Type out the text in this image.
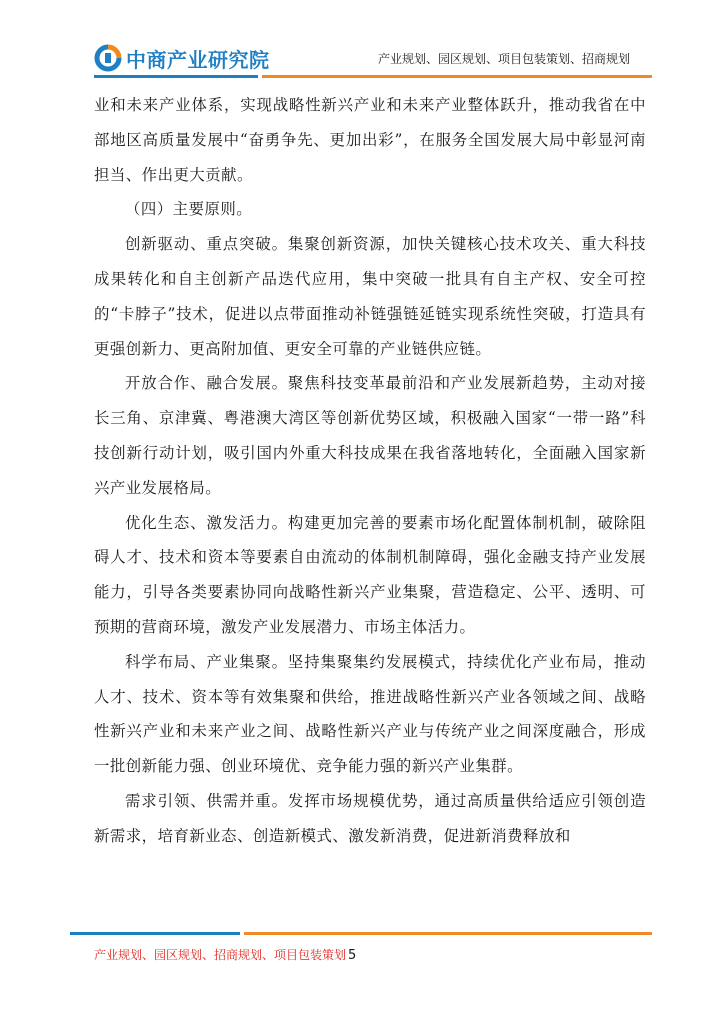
中商产业研究院	产业规划、园区规划、项目包装策划、招商规划

业和未来产业体系，实现战略性新兴产业和未来产业整体跃升，推动我省在中部地区高质量发展中“奋勇争先、更加出彩”，在服务全国发展大局中彰显河南担当、作出更大贡献。

（四）主要原则。

创新驱动、重点突破。集聚创新资源，加快关键核心技术攻关、重大科技成果转化和自主创新产品迭代应用，集中突破一批具有自主产权、安全可控的“卡脖子”技术，促进以点带面推动补链强链延链实现系统性突破，打造具有更强创新力、更高附加值、更安全可靠的产业链供应链。

开放合作、融合发展。聚焦科技变革最前沿和产业发展新趋势，主动对接长三角、京津冀、粤港澳大湾区等创新优势区域，积极融入国家“一带一路”科技创新行动计划，吸引国内外重大科技成果在我省落地转化，全面融入国家新兴产业发展格局。

优化生态、激发活力。构建更加完善的要素市场化配置体制机制，破除阻碍人才、技术和资本等要素自由流动的体制机制障碍，强化金融支持产业发展能力，引导各类要素协同向战略性新兴产业集聚，营造稳定、公平、透明、可预期的营商环境，激发产业发展潜力、市场主体活力。

科学布局、产业集聚。坚持集聚集约发展模式，持续优化产业布局，推动人才、技术、资本等有效集聚和供给，推进战略性新兴产业各领域之间、战略性新兴产业和未来产业之间、战略性新兴产业与传统产业之间深度融合，形成一批创新能力强、创业环境优、竞争能力强的新兴产业集群。

需求引领、供需并重。发挥市场规模优势，通过高质量供给适应引领创造新需求，培育新业态、创造新模式、激发新消费，促进新消费释放和

产业规划、园区规划、招商规划、项目包装策划 5
